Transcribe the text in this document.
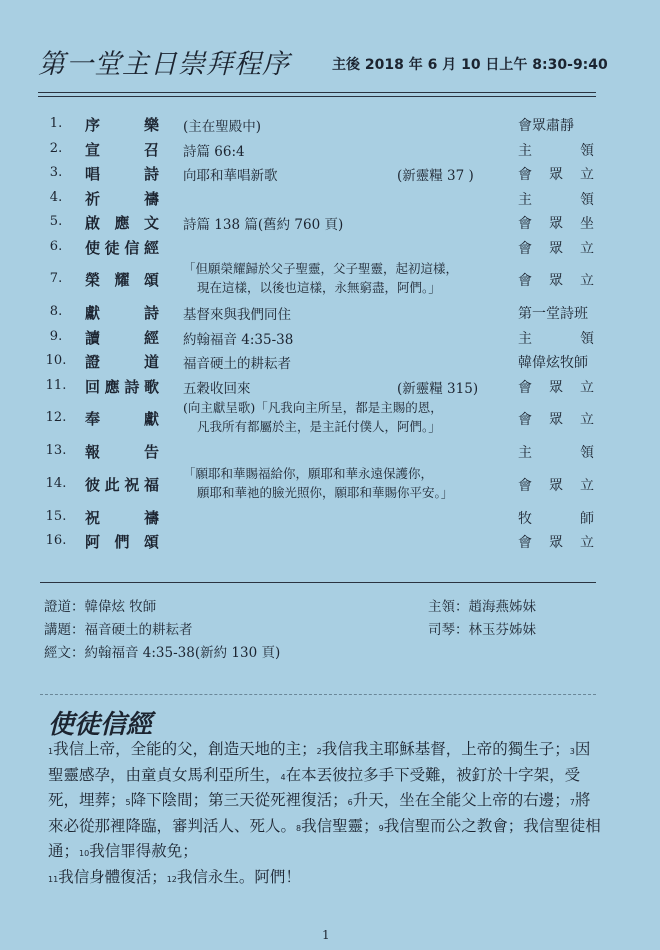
第一堂主日崇拜程序	主後 2018 年 6 月 10 日上午 8:30-9:40
1.	序樂 (主在聖殿中)	會眾肅靜
2.	宣召 詩篇 66:4	主領
3.	唱詩 向耶和華唱新歌	(新靈糧 37 )	會眾立
4.	祈禱	主領
5.	啟應文 詩篇 138 篇(舊約 760 頁)	會眾坐
6.	使徒信經	會眾立
7.	榮耀頌
「但願榮耀歸於父子聖靈，父子聖靈，起初這樣，
現在這樣，以後也這樣，永無窮盡，阿們。」	會眾立
8.	獻詩 基督來與我們同住	第一堂詩班
9.	讀經 約翰福音 4:35-38	主領
10.	證道 福音硬土的耕耘者	韓偉炫牧師
11.	回應詩歌 五穀收回來	(新靈糧 315)	會眾立
12.	奉獻
(向主獻呈歌)「凡我向主所呈，都是主賜的恩，
凡我所有都屬於主，是主託付僕人，阿們。」	會眾立
13.	報告	主領
14.	彼此祝福
「願耶和華賜福給你，願耶和華永遠保護你，
願耶和華祂的臉光照你，願耶和華賜你平安。」	會眾立
15.	祝禱	牧師
16.	阿們頌	會眾立
證道：韓偉炫 牧師	主領：趙海燕姊妹
講題：福音硬土的耕耘者	司琴：林玉芬姊妹
經文：約翰福音 4:35-38(新約 130 頁)
使徒信經
1我信上帝，全能的父，創造天地的主；2我信我主耶穌基督，上帝的獨生子；3因聖靈感孕，由童貞女馬利亞所生，4在本丟彼拉多手下受難，被釘於十字架，受死，埋葬；5降下陰間；第三天從死裡復活；6升天，坐在全能父上帝的右邊；7將來必從那裡降臨，審判活人、死人。8我信聖靈；9我信聖而公之教會；我信聖徒相通；10我信罪得赦免；
11我信身體復活；12我信永生。阿們！
1
